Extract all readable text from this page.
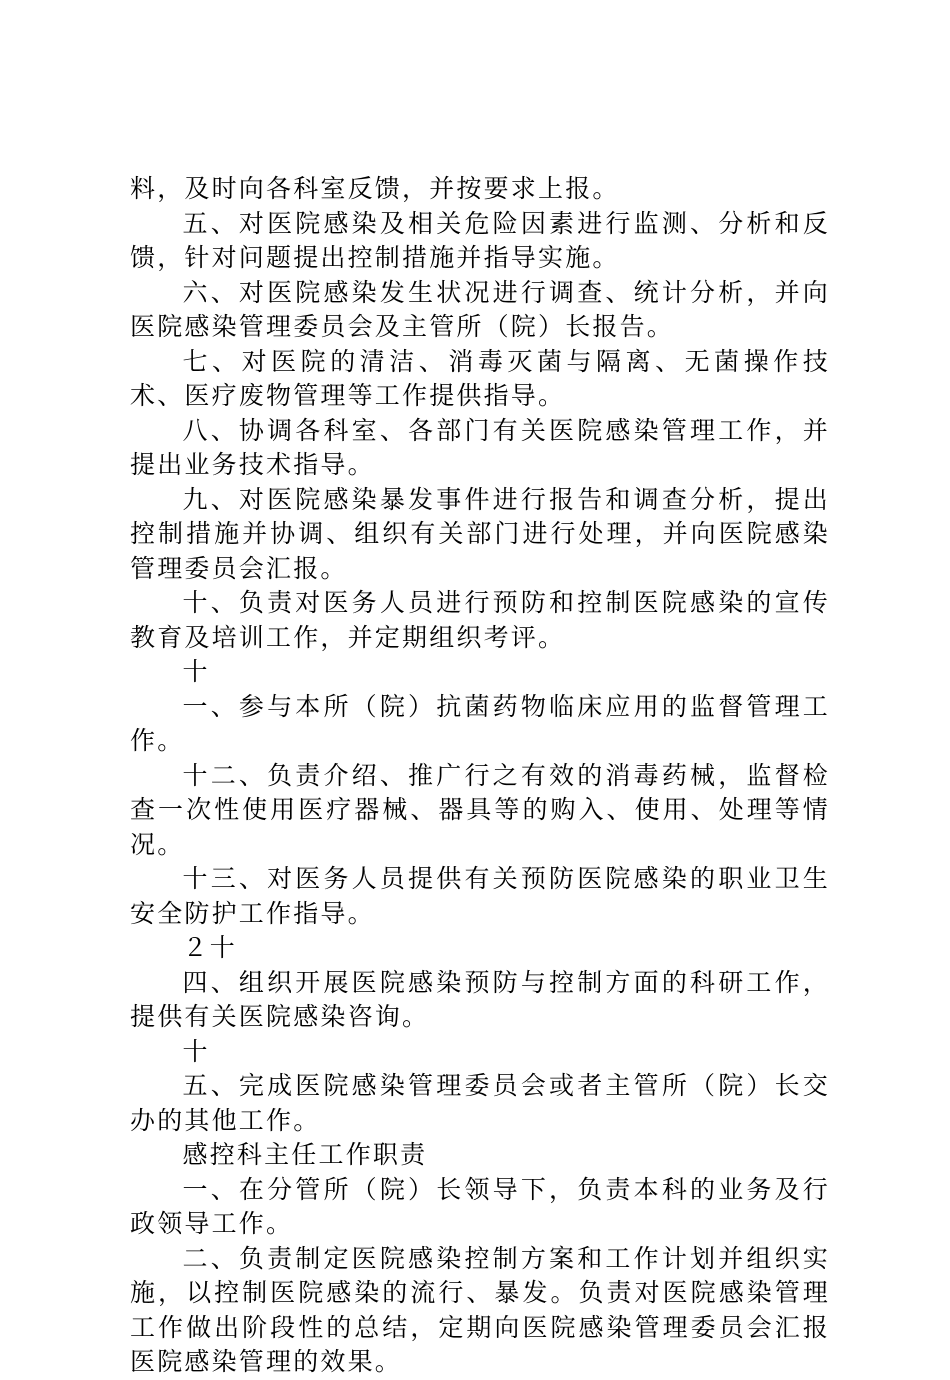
料，及时向各科室反馈，并按要求上报。

五、对医院感染及相关危险因素进行监测、分析和反馈，针对问题提出控制措施并指导实施。

六、对医院感染发生状况进行调查、统计分析，并向医院感染管理委员会及主管所（院）长报告。

七、对医院的清洁、消毒灭菌与隔离、无菌操作技术、医疗废物管理等工作提供指导。

八、协调各科室、各部门有关医院感染管理工作，并提出业务技术指导。

九、对医院感染暴发事件进行报告和调查分析，提出控制措施并协调、组织有关部门进行处理，并向医院感染管理委员会汇报。

十、负责对医务人员进行预防和控制医院感染的宣传教育及培训工作，并定期组织考评。

十

一、参与本所（院）抗菌药物临床应用的监督管理工作。

十二、负责介绍、推广行之有效的消毒药械，监督检查一次性使用医疗器械、器具等的购入、使用、处理等情况。

十三、对医务人员提供有关预防医院感染的职业卫生安全防护工作指导。

２十

四、组织开展医院感染预防与控制方面的科研工作，提供有关医院感染咨询。

十

五、完成医院感染管理委员会或者主管所（院）长交办的其他工作。

感控科主任工作职责

一、在分管所（院）长领导下，负责本科的业务及行政领导工作。

二、负责制定医院感染控制方案和工作计划并组织实施，以控制医院感染的流行、暴发。负责对医院感染管理工作做出阶段性的总结，定期向医院感染管理委员会汇报医院感染管理的效果。
